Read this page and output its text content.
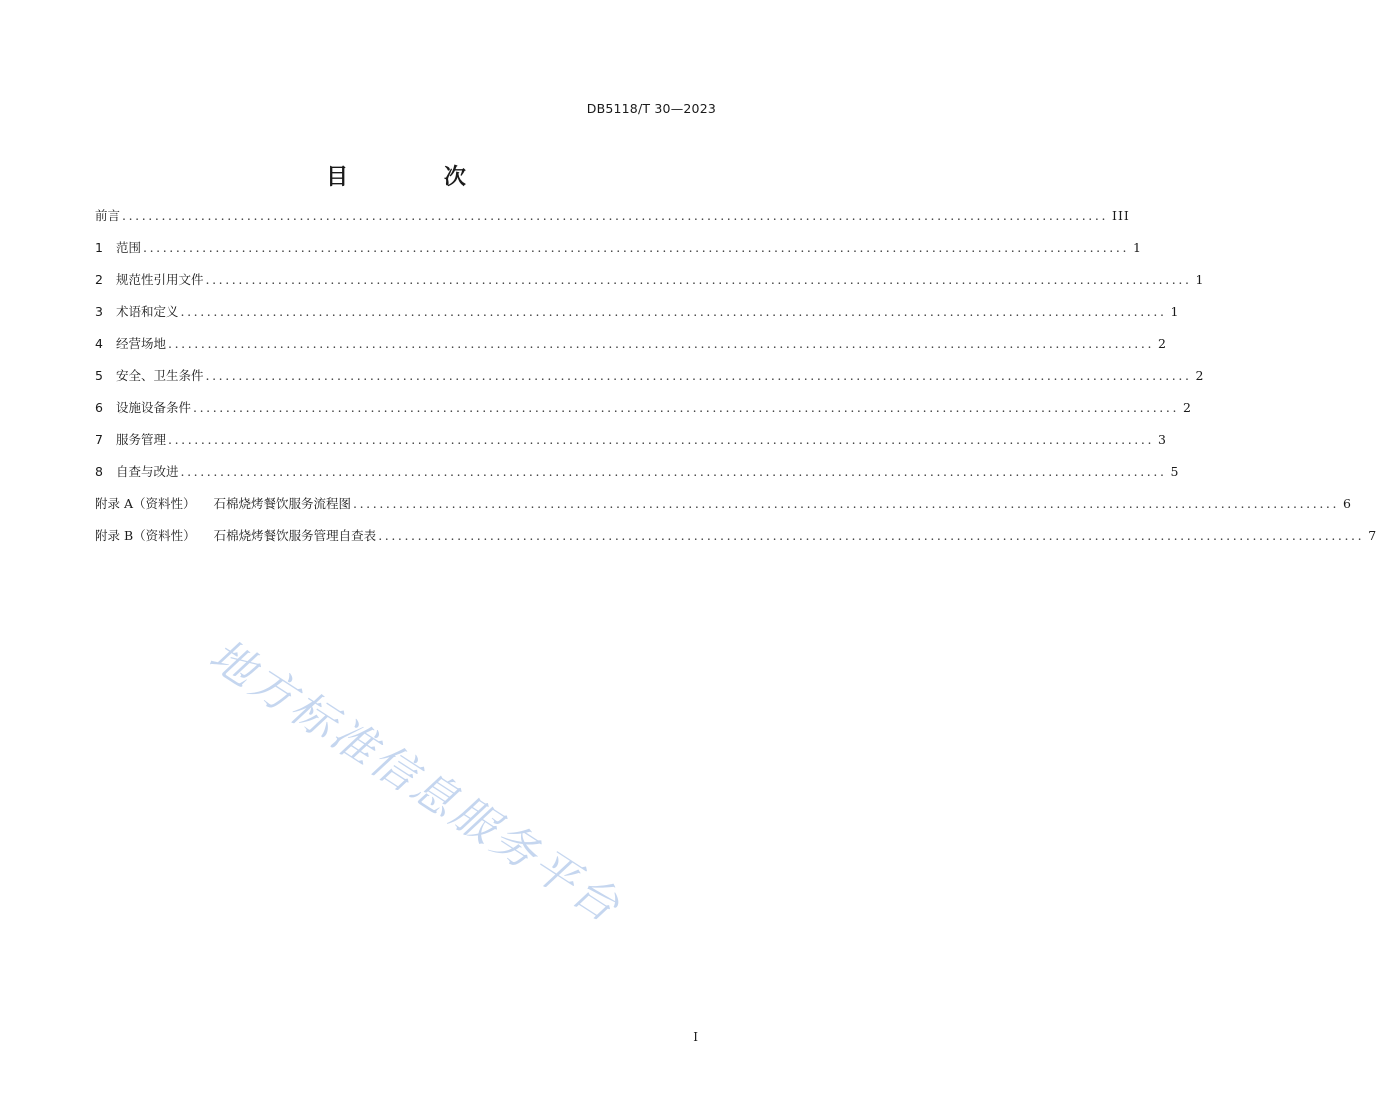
DB5118/T 30—2023
目 次
前言 ...................................................................................................................................................... III
1	范围 ...................................................................................................................................................... 1
2	规范性引用文件 ...................................................................................................................................................... 1
3	术语和定义 ...................................................................................................................................................... 1
4	经营场地 ...................................................................................................................................................... 2
5	安全、卫生条件 ...................................................................................................................................................... 2
6	设施设备条件 ...................................................................................................................................................... 2
7	服务管理 ...................................................................................................................................................... 3
8	自查与改进 ...................................................................................................................................................... 5
附录 A（资料性） 石棉烧烤餐饮服务流程图 ...................................................................................................................................................... 6
附录 B（资料性） 石棉烧烤餐饮服务管理自查表 ...................................................................................................................................................... 7
地方标准信息服务平台
I
